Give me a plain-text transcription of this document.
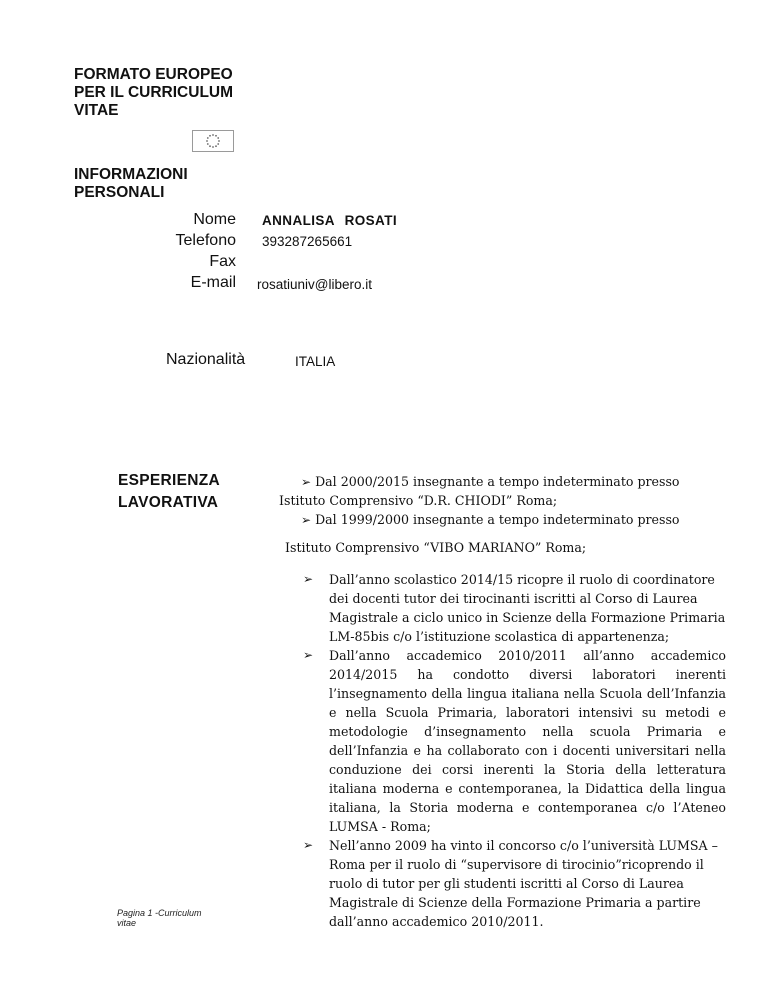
FORMATO EUROPEO
PER IL CURRICULUM
VITAE
INFORMAZIONI
PERSONALI
Nome ANNALISA ROSATI
Telefono 393287265661
Fax
E-mail rosatiuniv@libero.it
Nazionalità	ITALIA
ESPERIENZA
LAVORATIVA
➢ Dal 2000/2015 insegnante a tempo indeterminato presso
Istituto Comprensivo “D.R. CHIODI” Roma;
➢ Dal 1999/2000 insegnante a tempo indeterminato presso
Istituto Comprensivo “VIBO MARIANO” Roma;
➢ Dall’anno scolastico 2014/15 ricopre il ruolo di coordinatore dei docenti tutor dei tirocinanti iscritti al Corso di Laurea Magistrale a ciclo unico in Scienze della Formazione Primaria LM-85bis c/o l’istituzione scolastica di appartenenza;
➢ Dall’anno accademico 2010/2011 all’anno accademico 2014/2015 ha condotto diversi laboratori inerenti l’insegnamento della lingua italiana nella Scuola dell’Infanzia e nella Scuola Primaria, laboratori intensivi su metodi e metodologie d’insegnamento nella scuola Primaria e dell’Infanzia e ha collaborato con i docenti universitari nella conduzione dei corsi inerenti la Storia della letteratura italiana moderna e contemporanea, la Didattica della lingua italiana, la Storia moderna e contemporanea c/o l’Ateneo LUMSA - Roma;
➢ Nell’anno 2009 ha vinto il concorso c/o l’università LUMSA –Roma per il ruolo di “supervisore di tirocinio”ricoprendo il ruolo di tutor per gli studenti iscritti al Corso di Laurea Magistrale di Scienze della Formazione Primaria a partire dall’anno accademico 2010/2011.
Pagina 1 -Curriculum
vitae
